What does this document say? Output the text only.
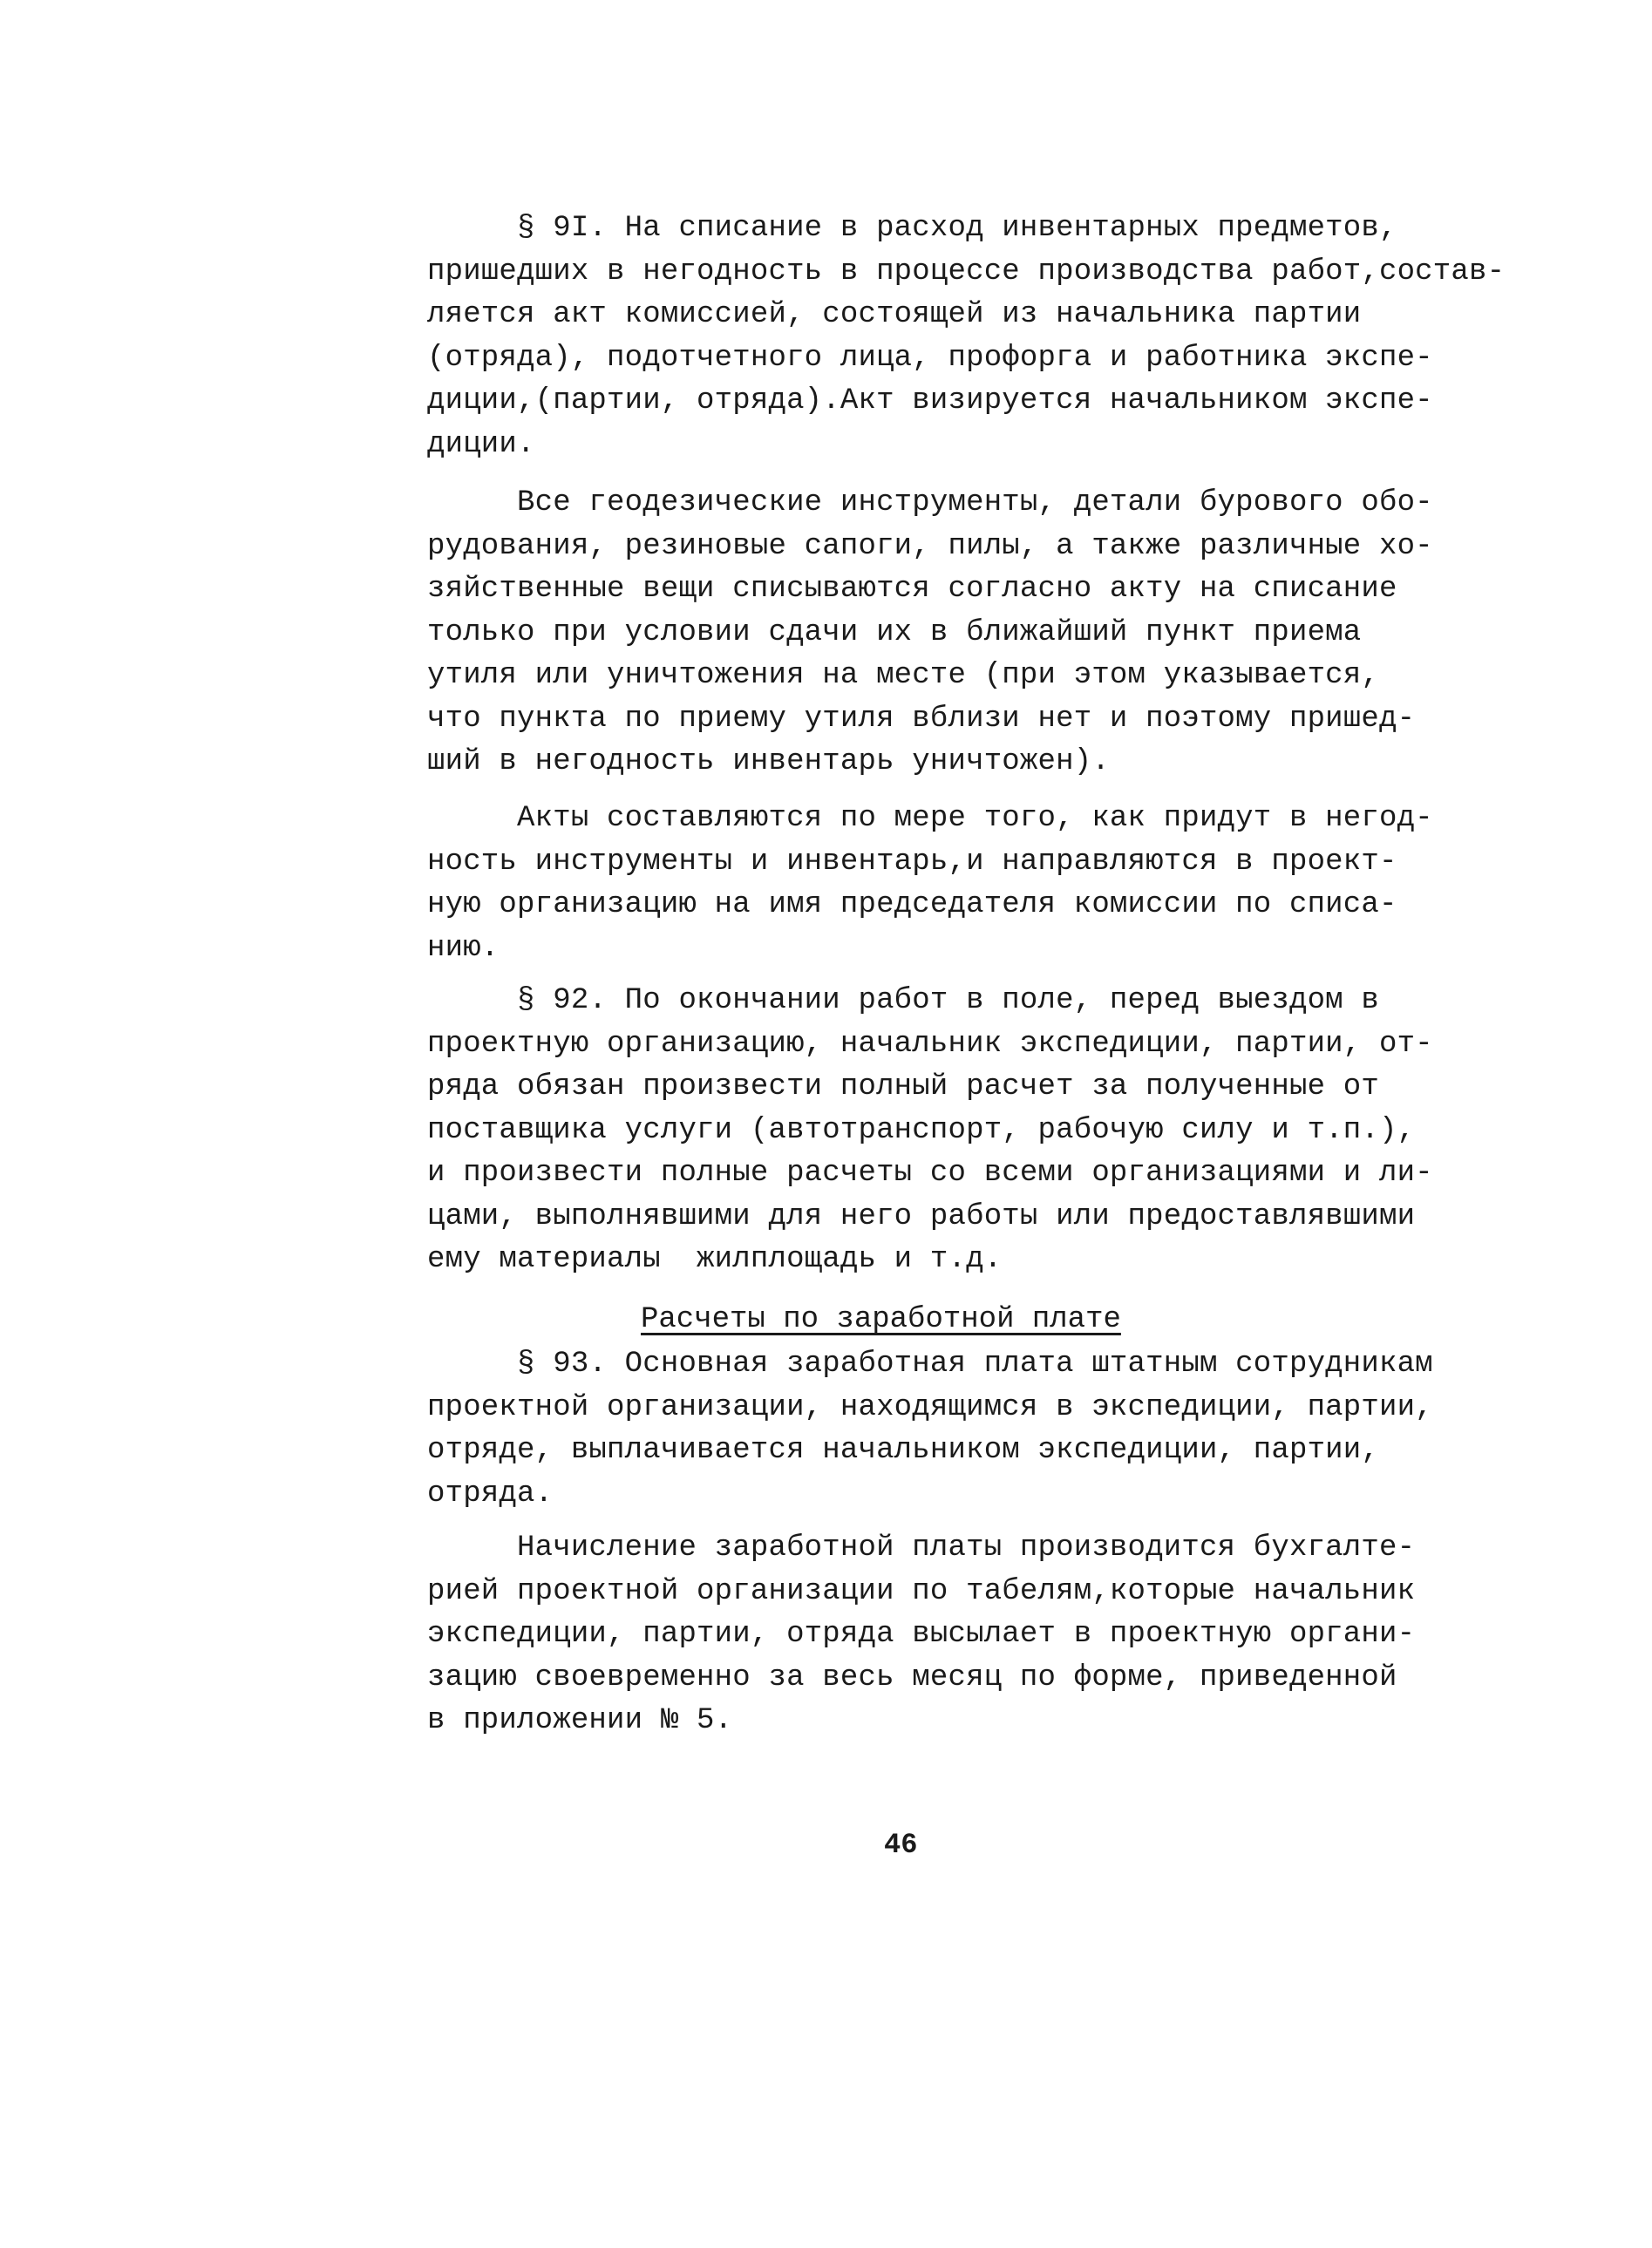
§ 9I. На списание в расход инвентарных предметов,
пришедших в негодность в процессе производства работ,состав-
ляется акт комиссией, состоящей из начальника партии
(отряда), подотчетного лица, профорга и работника экспе-
диции,(партии, отряда).Акт визируется начальником экспе-
диции.
Все геодезические инструменты, детали бурового обо-
рудования, резиновые сапоги, пилы, а также различные хо-
зяйственные вещи списываются согласно акту на списание
только при условии сдачи их в ближайший пункт приема
утиля или уничтожения на месте (при этом указывается,
что пункта по приему утиля вблизи нет и поэтому пришед-
ший в негодность инвентарь уничтожен).
Акты составляются по мере того, как придут в негод-
ность инструменты и инвентарь,и направляются в проект-
ную организацию на имя председателя комиссии по списа-
нию.
§ 92. По окончании работ в поле, перед выездом в
проектную организацию, начальник экспедиции, партии, от-
ряда обязан произвести полный расчет за полученные от
поставщика услуги (автотранспорт, рабочую силу и т.п.),
и произвести полные расчеты со всеми организациями и ли-
цами, выполнявшими для него работы или предоставлявшими
ему материалы  жилплощадь и т.д.
Расчеты по заработной плате
§ 93. Основная заработная плата штатным сотрудникам
проектной организации, находящимся в экспедиции, партии,
отряде, выплачивается начальником экспедиции, партии,
отряда.
Начисление заработной платы производится бухгалте-
рией проектной организации по табелям,которые начальник
экспедиции, партии, отряда высылает в проектную органи-
зацию своевременно за весь месяц по форме, приведенной
в приложении № 5.
46
